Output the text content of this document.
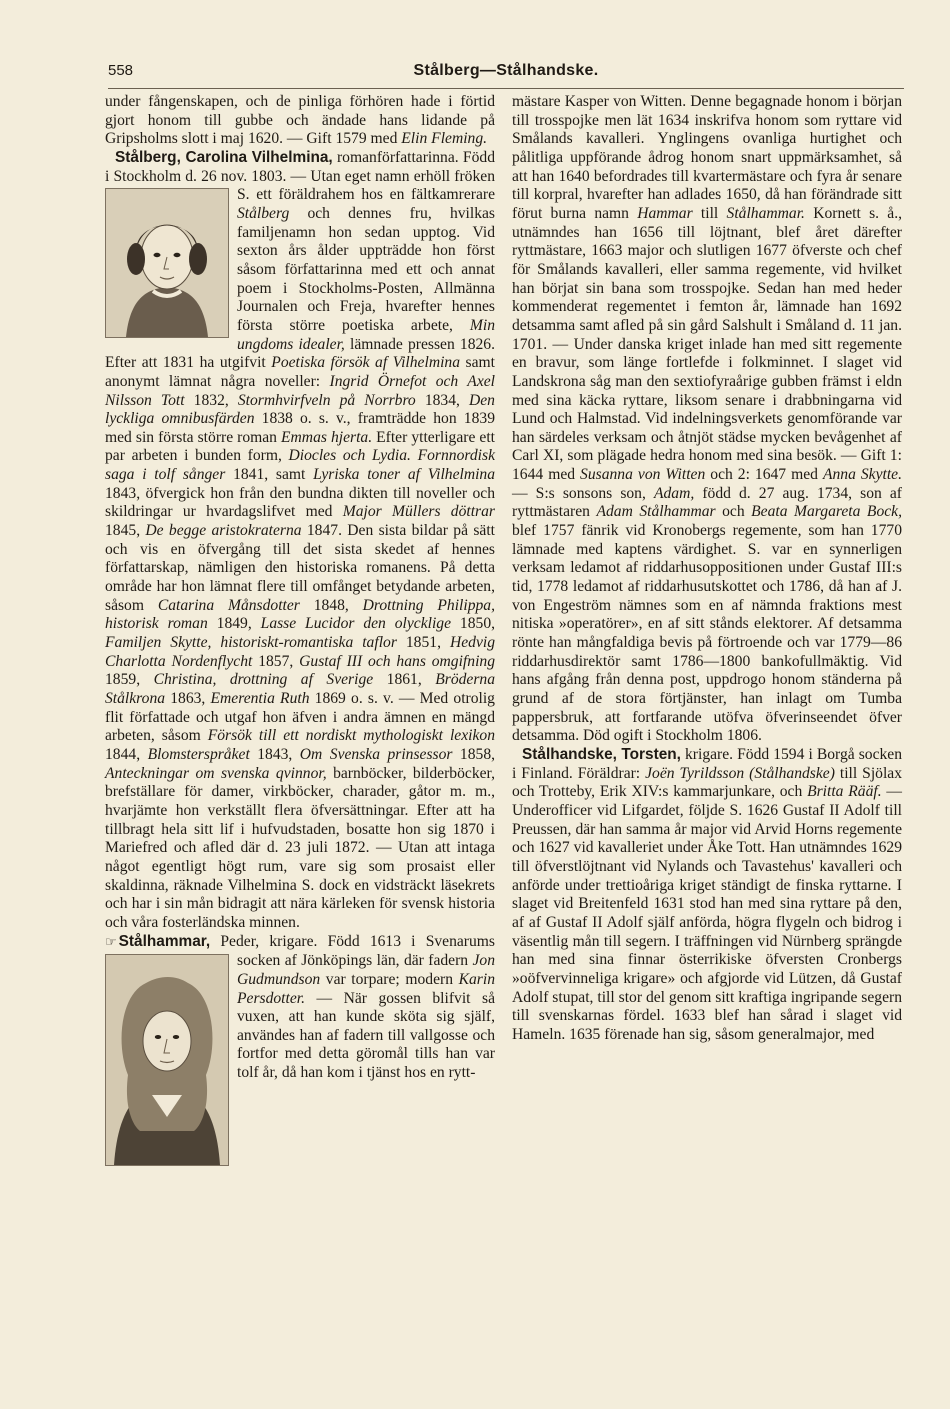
558	Stålberg—Stålhandske.

under fångenskapen, och de pinliga förhören hade i förtid gjort honom till gubbe och ändade hans lidande på Gripsholms slott i maj 1620. — Gift 1579 med Elin Fleming.

Stålberg, Carolina Vilhelmina, romanförfattarinna. Född i Stockholm d. 26 nov. 1803. — Utan eget namn erhöll fröken S. ett föräldrahem hos en fältkamrerare
Stålberg och dennes fru, hvilkas familjenamn hon sedan upptog. Vid sexton års ålder uppträdde hon först såsom författarinna med ett och annat poem i Stockholms-Posten, Allmänna Journalen och Freja, hvarefter hennes första större poetiska arbete, Min ungdoms idealer, lämnade pressen 1826. Efter att 1831 ha utgifvit Poetiska försök af Vilhelmina samt anonymt lämnat några noveller: Ingrid Örnefot och Axel Nilsson Tott 1832, Stormhvirfveln på Norrbro 1834, Den lyckliga omnibusfärden 1838 o. s. v., framträdde hon 1839 med sin första större roman Emmas hjerta. Efter ytterligare ett par arbeten i bunden form, Diocles och Lydia. Fornnordisk saga i tolf sånger 1841, samt Lyriska toner af Vilhelmina 1843, öfvergick hon från den bundna dikten till noveller och skildringar ur hvardagslifvet med Major Müllers döttrar 1845, De begge aristokraterna 1847. Den sista bildar på sätt och vis en öfvergång till det sista skedet af hennes författarskap, nämligen den historiska romanens. På detta område har hon lämnat flere till omfånget betydande arbeten, såsom Catarina Månsdotter 1848, Drottning Philippa, historisk roman 1849, Lasse Lucidor den olycklige 1850, Familjen Skytte, historiskt-romantiska taflor 1851, Hedvig Charlotta Nordenflycht 1857, Gustaf III och hans omgifning 1859, Christina, drottning af Sverige 1861, Bröderna Stålkrona 1863, Emerentia Ruth 1869 o. s. v. — Med otrolig flit författade och utgaf hon äfven i andra ämnen en mängd arbeten, såsom Försök till ett nordiskt mythologiskt lexikon 1844, Blomsterspråket 1843, Om Svenska prinsessor 1858, Anteckningar om svenska qvinnor, barnböcker, bilderböcker, brefställare för damer, virkböcker, charader, gåtor m. m., hvarjämte hon verkställt flera öfversättningar. Efter att ha tillbragt hela sitt lif i hufvudstaden, bosatte hon sig 1870 i Mariefred och afled där d. 23 juli 1872. — Utan att intaga något egentligt högt rum, vare sig som prosaist eller skaldinna, räknade Vilhelmina S. dock en vidsträckt läsekrets och har i sin mån bidragit att nära kärleken för svensk historia och våra fosterländska minnen.

☞ Stålhammar, Peder, krigare. Född 1613 i Svenarums socken af Jönköpings län, där fadern
Jon Gudmundson var torpare; modern Karin Persdotter. — När gossen blifvit så vuxen, att han kunde sköta sig själf, användes han af fadern till vallgosse och fortfor med detta göromål tills han var tolf år, då han kom i tjänst hos en rytt-

mästare Kasper von Witten. Denne begagnade honom i början till trosspojke men lät 1634 inskrifva honom som ryttare vid Smålands kavalleri. Ynglingens ovanliga hurtighet och pålitliga uppförande ådrog honom snart uppmärksamhet, så att han 1640 befordrades till kvartermästare och fyra år senare till korpral, hvarefter han adlades 1650, då han förändrade sitt förut burna namn Hammar till Stålhammar. Kornett s. å., utnämndes han 1656 till löjtnant, blef året därefter ryttmästare, 1663 major och slutligen 1677 öfverste och chef för Smålands kavalleri, eller samma regemente, vid hvilket han börjat sin bana som trosspojke. Sedan han med heder kommenderat regementet i femton år, lämnade han 1692 detsamma samt afled på sin gård Salshult i Småland d. 11 jan. 1701. — Under danska kriget inlade han med sitt regemente en bravur, som länge fortlefde i folkminnet. I slaget vid Landskrona såg man den sextiofyraårige gubben främst i eldn med sina käcka ryttare, liksom senare i drabbningarna vid Lund och Halmstad. Vid indelningsverkets genomförande var han särdeles verksam och åtnjöt städse mycken bevågenhet af Carl XI, som plägade hedra honom med sina besök. — Gift 1: 1644 med Susanna von Witten och 2: 1647 med Anna Skytte. — S:s sonsons son, Adam, född d. 27 aug. 1734, son af ryttmästaren Adam Stålhammar och Beata Margareta Bock, blef 1757 fänrik vid Kronobergs regemente, som han 1770 lämnade med kaptens värdighet. S. var en synnerligen verksam ledamot af riddarhusoppositionen under Gustaf III:s tid, 1778 ledamot af riddarhusutskottet och 1786, då han af J. von Engeström nämnes som en af nämnda fraktions mest nitiska »operatörer», en af sitt stånds elektorer. Af detsamma rönte han mångfaldiga bevis på förtroende och var 1779—86 riddarhusdirektör samt 1786—1800 bankofullmäktig. Vid hans afgång från denna post, uppdrogo honom ständerna på grund af de stora förtjänster, han inlagt om Tumba pappersbruk, att fortfarande utöfva öfverinseendet öfver detsamma. Död ogift i Stockholm 1806.

Stålhandske, Torsten, krigare. Född 1594 i Borgå socken i Finland. Föräldrar: Joën Tyrildsson (Stålhandske) till Sjölax och Trotteby, Erik XIV:s kammarjunkare, och Britta Rääf. — Underofficer vid Lifgardet, följde S. 1626 Gustaf II Adolf till Preussen, där han samma år major vid Arvid Horns regemente och 1627 vid kavalleriet under Åke Tott. Han utnämndes 1629 till öfverstlöjtnant vid Nylands och Tavastehus' kavalleri och anförde under trettioåriga kriget ständigt de finska ryttarne. I slaget vid Breitenfeld 1631 stod han med sina ryttare på den, af af Gustaf II Adolf själf anförda, högra flygeln och bidrog i väsentlig mån till segern. I träffningen vid Nürnberg sprängde han med sina finnar österrikiske öfversten Cronbergs »oöfvervinneliga krigare» och afgjorde vid Lützen, då Gustaf Adolf stupat, till stor del genom sitt kraftiga ingripande segern till svenskarnas fördel. 1633 blef han sårad i slaget vid Hameln. 1635 förenade han sig, såsom generalmajor, med
